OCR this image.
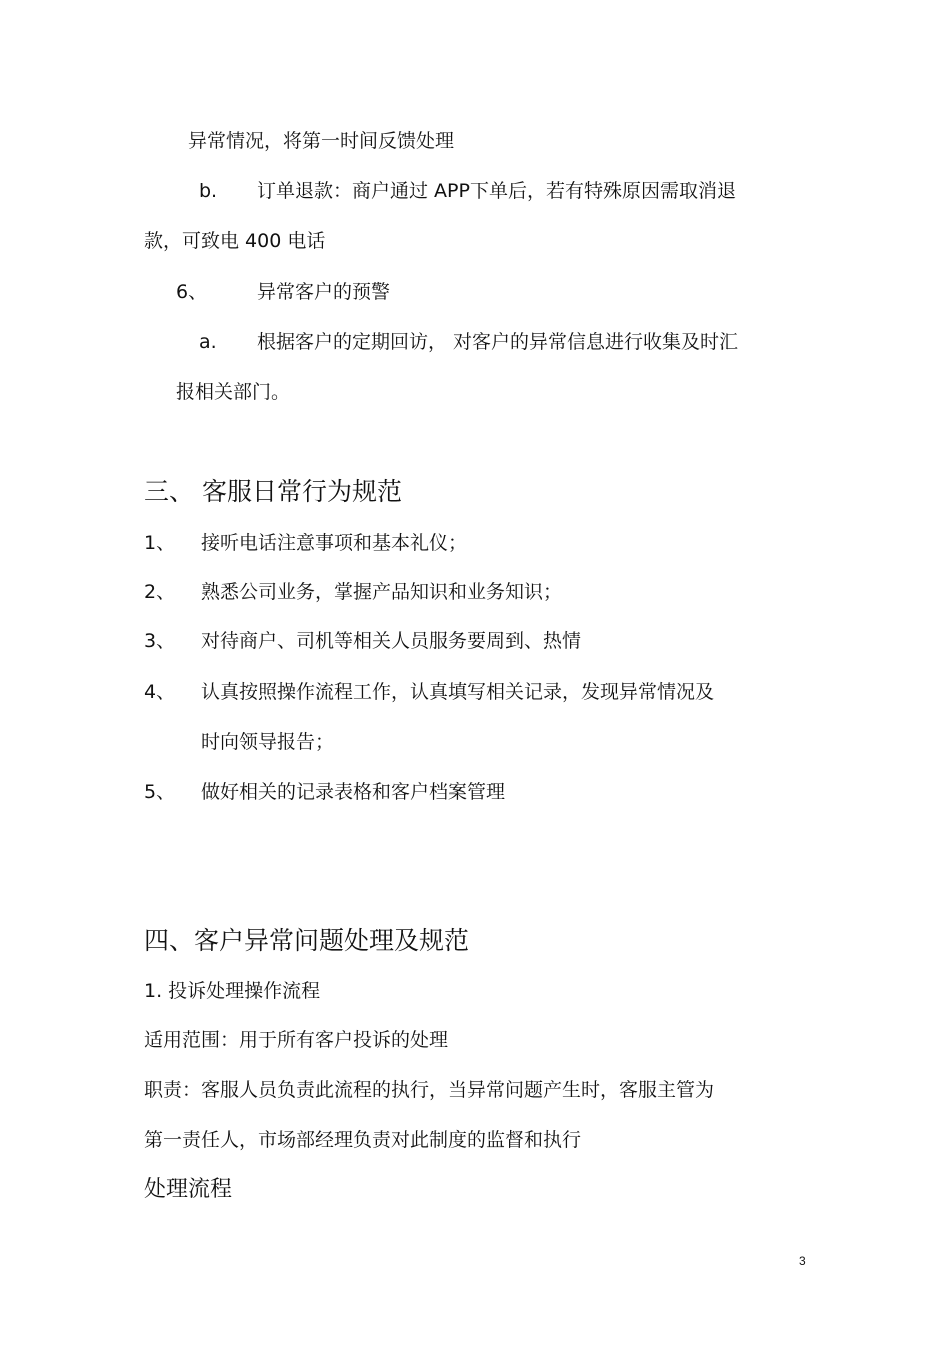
异常情况，将第一时间反馈处理
b. 订单退款：商户通过 APP下单后，若有特殊原因需取消退
款，可致电 400 电话
6、	异常客户的预警
a. 根据客户的定期回访， 对客户的异常信息进行收集及时汇
报相关部门。
三、 客服日常行为规范
1、 接听电话注意事项和基本礼仪；
2、 熟悉公司业务，掌握产品知识和业务知识；
3、 对待商户、司机等相关人员服务要周到、热情
4、 认真按照操作流程工作，认真填写相关记录，发现异常情况及
时向领导报告；
5、 做好相关的记录表格和客户档案管理
四、客户异常问题处理及规范
1. 投诉处理操作流程
适用范围：用于所有客户投诉的处理
职责：客服人员负责此流程的执行，当异常问题产生时，客服主管为
第一责任人，市场部经理负责对此制度的监督和执行
处理流程
3
